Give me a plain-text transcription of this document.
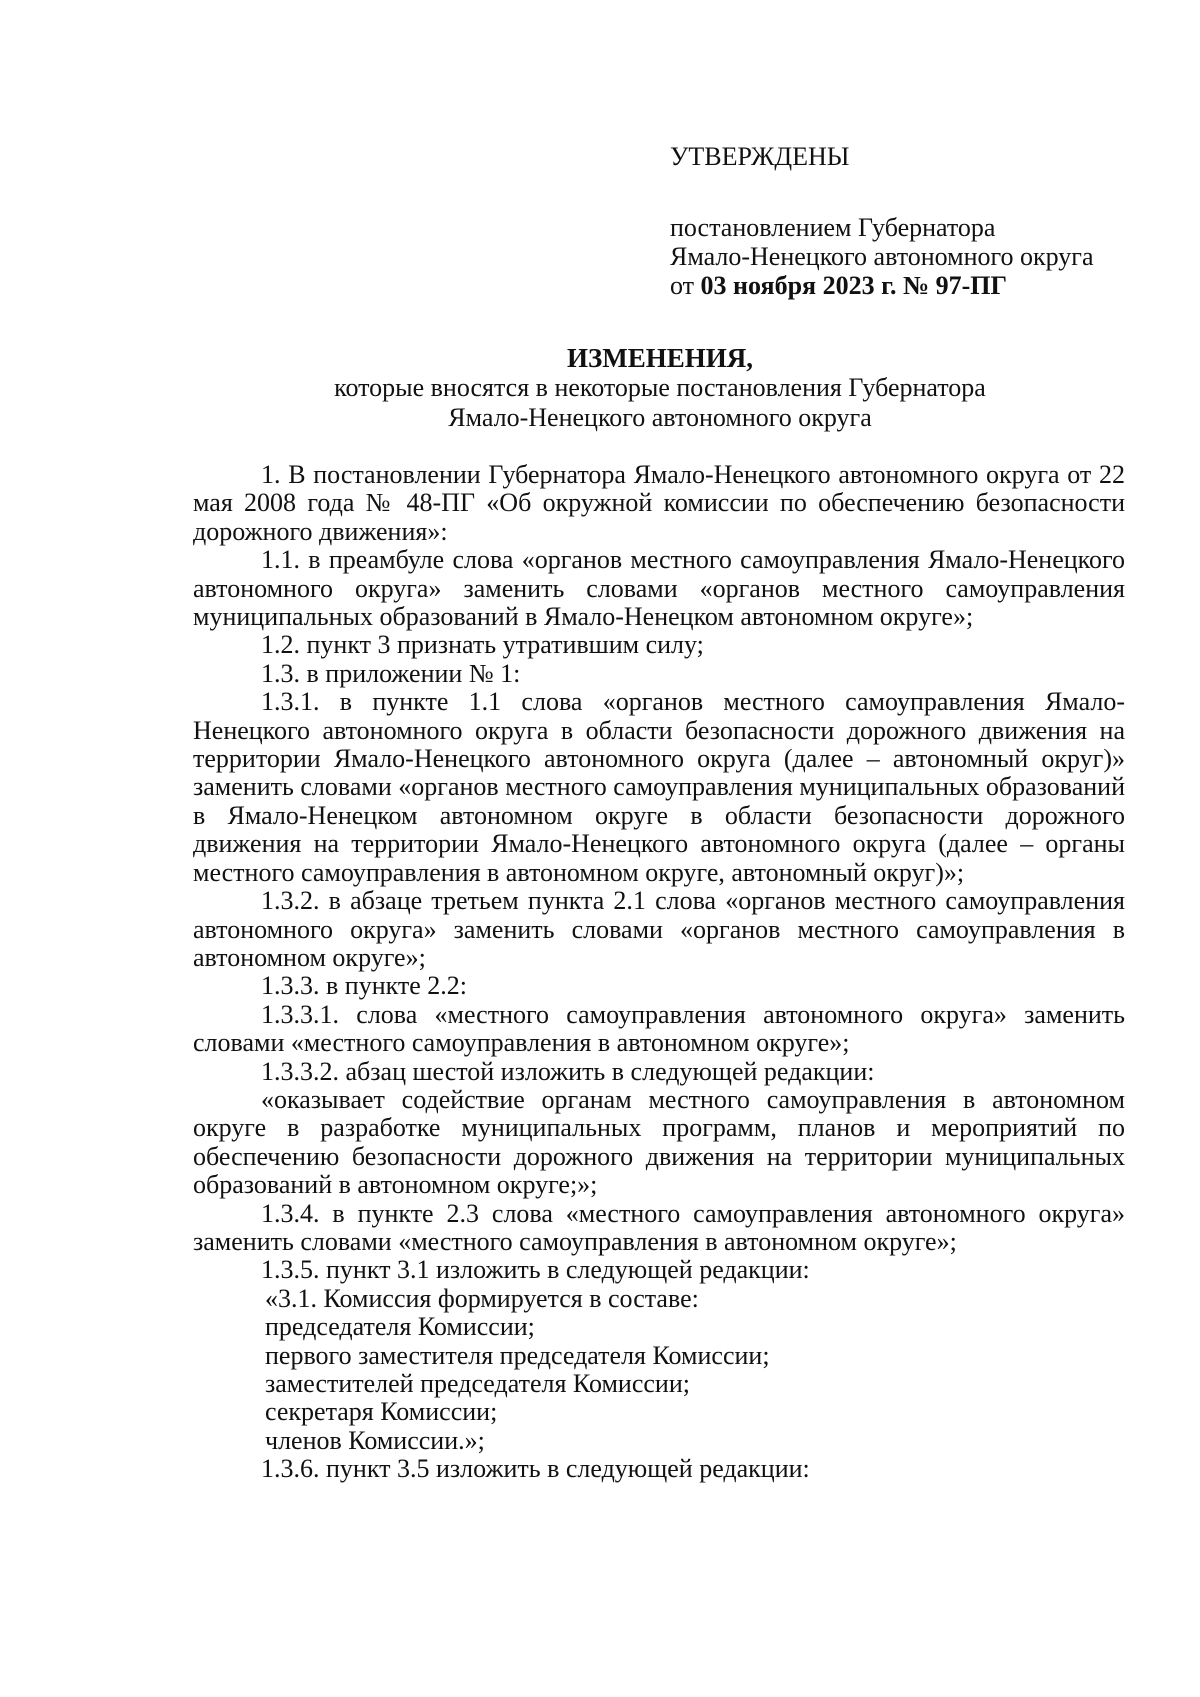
УТВЕРЖДЕНЫ
постановлением Губернатора
Ямало-Ненецкого автономного округа
от 03 ноября 2023 г. № 97-ПГ
ИЗМЕНЕНИЯ,
которые вносятся в некоторые постановления Губернатора
Ямало-Ненецкого автономного округа

1. В постановлении Губернатора Ямало-Ненецкого автономного округа от 22 мая 2008 года № 48-ПГ «Об окружной комиссии по обеспечению безопасности дорожного движения»:

1.1. в преамбуле слова «органов местного самоуправления Ямало-Ненецкого автономного округа» заменить словами «органов местного самоуправления муниципальных образований в Ямало-Ненецком автономном округе»;

1.2. пункт 3 признать утратившим силу;

1.3. в приложении № 1:

1.3.1. в пункте 1.1 слова «органов местного самоуправления Ямало-Ненецкого автономного округа в области безопасности дорожного движения на территории Ямало-Ненецкого автономного округа (далее – автономный округ)» заменить словами «органов местного самоуправления муниципальных образований в Ямало-Ненецком автономном округе в области безопасности дорожного движения на территории Ямало-Ненецкого автономного округа (далее – органы местного самоуправления в автономном округе, автономный округ)»;

1.3.2. в абзаце третьем пункта 2.1 слова «органов местного самоуправления автономного округа» заменить словами «органов местного самоуправления в автономном округе»;

1.3.3. в пункте 2.2:

1.3.3.1. слова «местного самоуправления автономного округа» заменить словами «местного самоуправления в автономном округе»;

1.3.3.2. абзац шестой изложить в следующей редакции:

«оказывает содействие органам местного самоуправления в автономном округе в разработке муниципальных программ, планов и мероприятий по обеспечению безопасности дорожного движения на территории муниципальных образований в автономном округе;»;

1.3.4. в пункте 2.3 слова «местного самоуправления автономного округа» заменить словами «местного самоуправления в автономном округе»;

1.3.5. пункт 3.1 изложить в следующей редакции:

«3.1. Комиссия формируется в составе:

председателя Комиссии;

первого заместителя председателя Комиссии;

заместителей председателя Комиссии;

секретаря Комиссии;

членов Комиссии.»;

1.3.6. пункт 3.5 изложить в следующей редакции:
